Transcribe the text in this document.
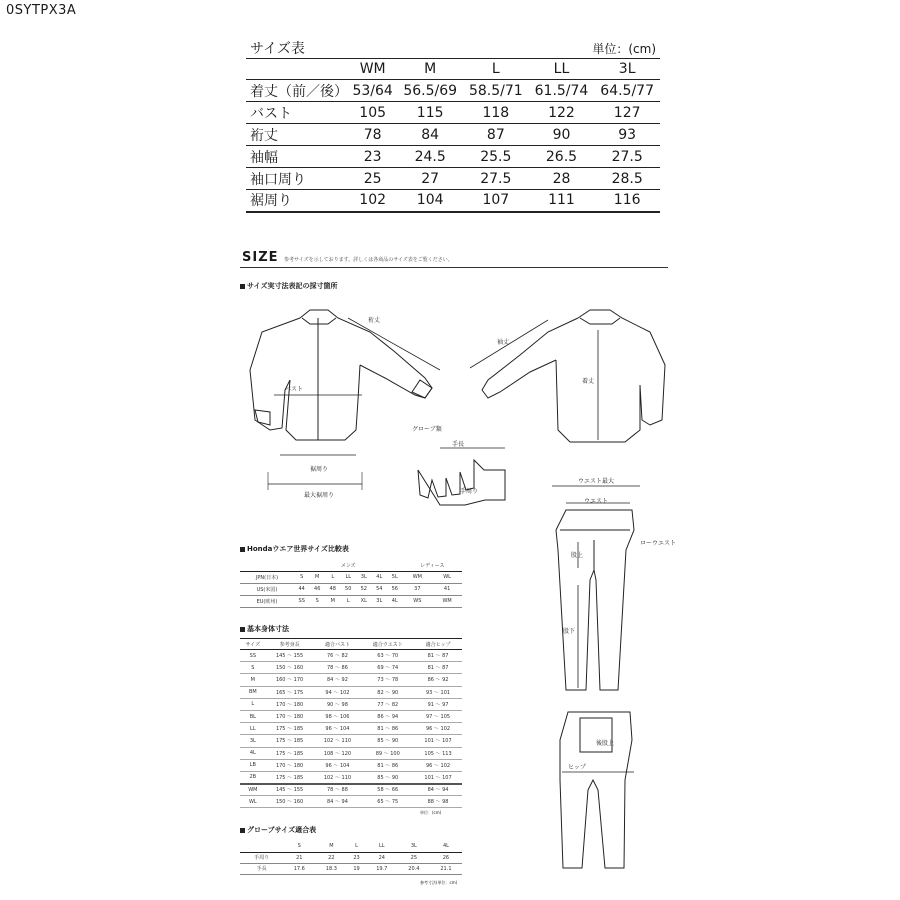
0SYTPX3A
サイズ表	単位：(cm)
	WM	M	L	LL	3L
着丈（前／後）	53/64	56.5/69	58.5/71	61.5/74	64.5/77
バスト	105	115	118	122	127
裄丈	78	84	87	90	93
袖幅	23	24.5	25.5	26.5	27.5
袖口周り	25	27	27.5	28	28.5
裾周り	102	104	107	111	116
SIZE 参考サイズを示しております。詳しくは各商品のサイズ表をご覧ください。
サイズ実寸法表記の採寸箇所
裄丈
バスト
裾周り
最大裾周り
袖丈
着丈
グローブ類
手長
手周り
ウエスト最大
ウエスト
ローウエスト
股上
股下
後股上
ヒップ
Hondaウエア世界サイズ比較表
	メンズ							レディース	
JPN(日本)	S	M	L	LL	3L	4L	5L	WM	WL
US(米国)	44	46	48	50	52	54	56	37	41
EU(欧州)	SS	S	M	L	XL	3L	4L	WS	WM
基本身体寸法
サイズ	参考身長	適合バスト	適合ウエスト	適合ヒップ
SS	145 〜 155	76 〜 82	63 〜 70	81 〜 87
S	150 〜 160	78 〜 86	69 〜 74	81 〜 87
M	160 〜 170	84 〜 92	73 〜 78	86 〜 92
BM	165 〜 175	94 〜 102	82 〜 90	93 〜 101
L	170 〜 180	90 〜 98	77 〜 82	91 〜 97
BL	170 〜 180	98 〜 106	86 〜 94	97 〜 105
LL	175 〜 185	96 〜 104	81 〜 86	96 〜 102
3L	175 〜 185	102 〜 110	85 〜 90	101 〜 107
4L	175 〜 185	108 〜 120	89 〜 100	105 〜 113
LB	170 〜 180	96 〜 104	81 〜 86	96 〜 102
2B	175 〜 185	102 〜 110	85 〜 90	101 〜 107
WM	145 〜 155	78 〜 88	58 〜 66	84 〜 94
WL	150 〜 160	84 〜 94	65 〜 75	88 〜 98
単位：(cm)
グローブサイズ適合表
	S	M	L	LL	3L	4L
手周り	21	22	23	24	25	26
手長	17.6	18.3	19	19.7	20.4	21.1
参考寸法(単位：cm)
